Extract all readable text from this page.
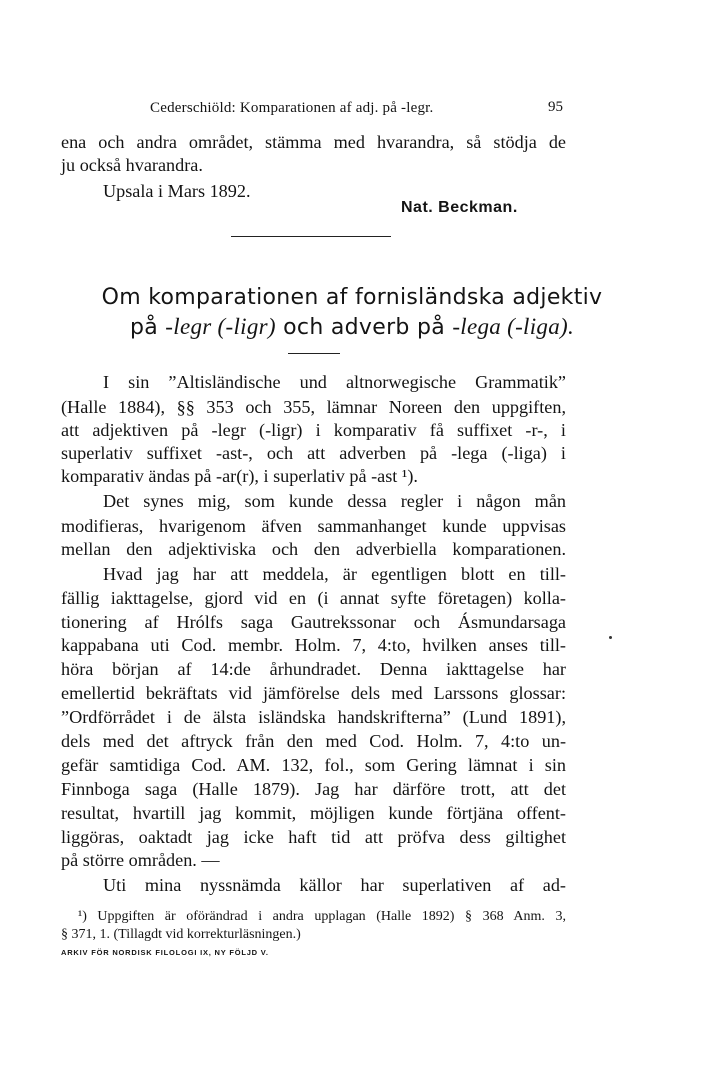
Cederschiöld: Komparationen af adj. på -legr.	95
ena och andra området, stämma med hvarandra, så stödja de
ju också hvarandra.
Upsala i Mars 1892.
Nat. Beckman.
Om komparationen af fornisländska adjektiv
på -legr (-ligr) och adverb på -lega (-liga).
I sin ”Altisländische und altnorwegische Grammatik”
(Halle 1884), §§ 353 och 355, lämnar Noreen den uppgiften,
att adjektiven på -legr (-ligr) i komparativ få suffixet -r-, i
superlativ suffixet -ast-, och att adverben på -lega (-liga) i
komparativ ändas på -ar(r), i superlativ på -ast ¹).
Det synes mig, som kunde dessa regler i någon mån
modifieras, hvarigenom äfven sammanhanget kunde uppvisas
mellan den adjektiviska och den adverbiella komparationen.
Hvad jag har att meddela, är egentligen blott en till-
fällig iakttagelse, gjord vid en (i annat syfte företagen) kolla-
tionering af Hrólfs saga Gautrekssonar och Ásmundarsaga
kappabana uti Cod. membr. Holm. 7, 4:to, hvilken anses till-
höra början af 14:de århundradet. Denna iakttagelse har
emellertid bekräftats vid jämförelse dels med Larssons glossar:
”Ordförrådet i de älsta isländska handskrifterna” (Lund 1891),
dels med det aftryck från den med Cod. Holm. 7, 4:to un-
gefär samtidiga Cod. AM. 132, fol., som Gering lämnat i sin
Finnboga saga (Halle 1879). Jag har därföre trott, att det
resultat, hvartill jag kommit, möjligen kunde förtjäna offent-
liggöras, oaktadt jag icke haft tid att pröfva dess giltighet
på större områden. —
Uti mina nyssnämda källor har superlativen af ad-
¹) Uppgiften är oförändrad i andra upplagan (Halle 1892) § 368 Anm. 3,
§ 371, 1. (Tillagdt vid korrekturläsningen.)
ARKIV FÖR NORDISK FILOLOGI IX, NY FÖLJD V.
